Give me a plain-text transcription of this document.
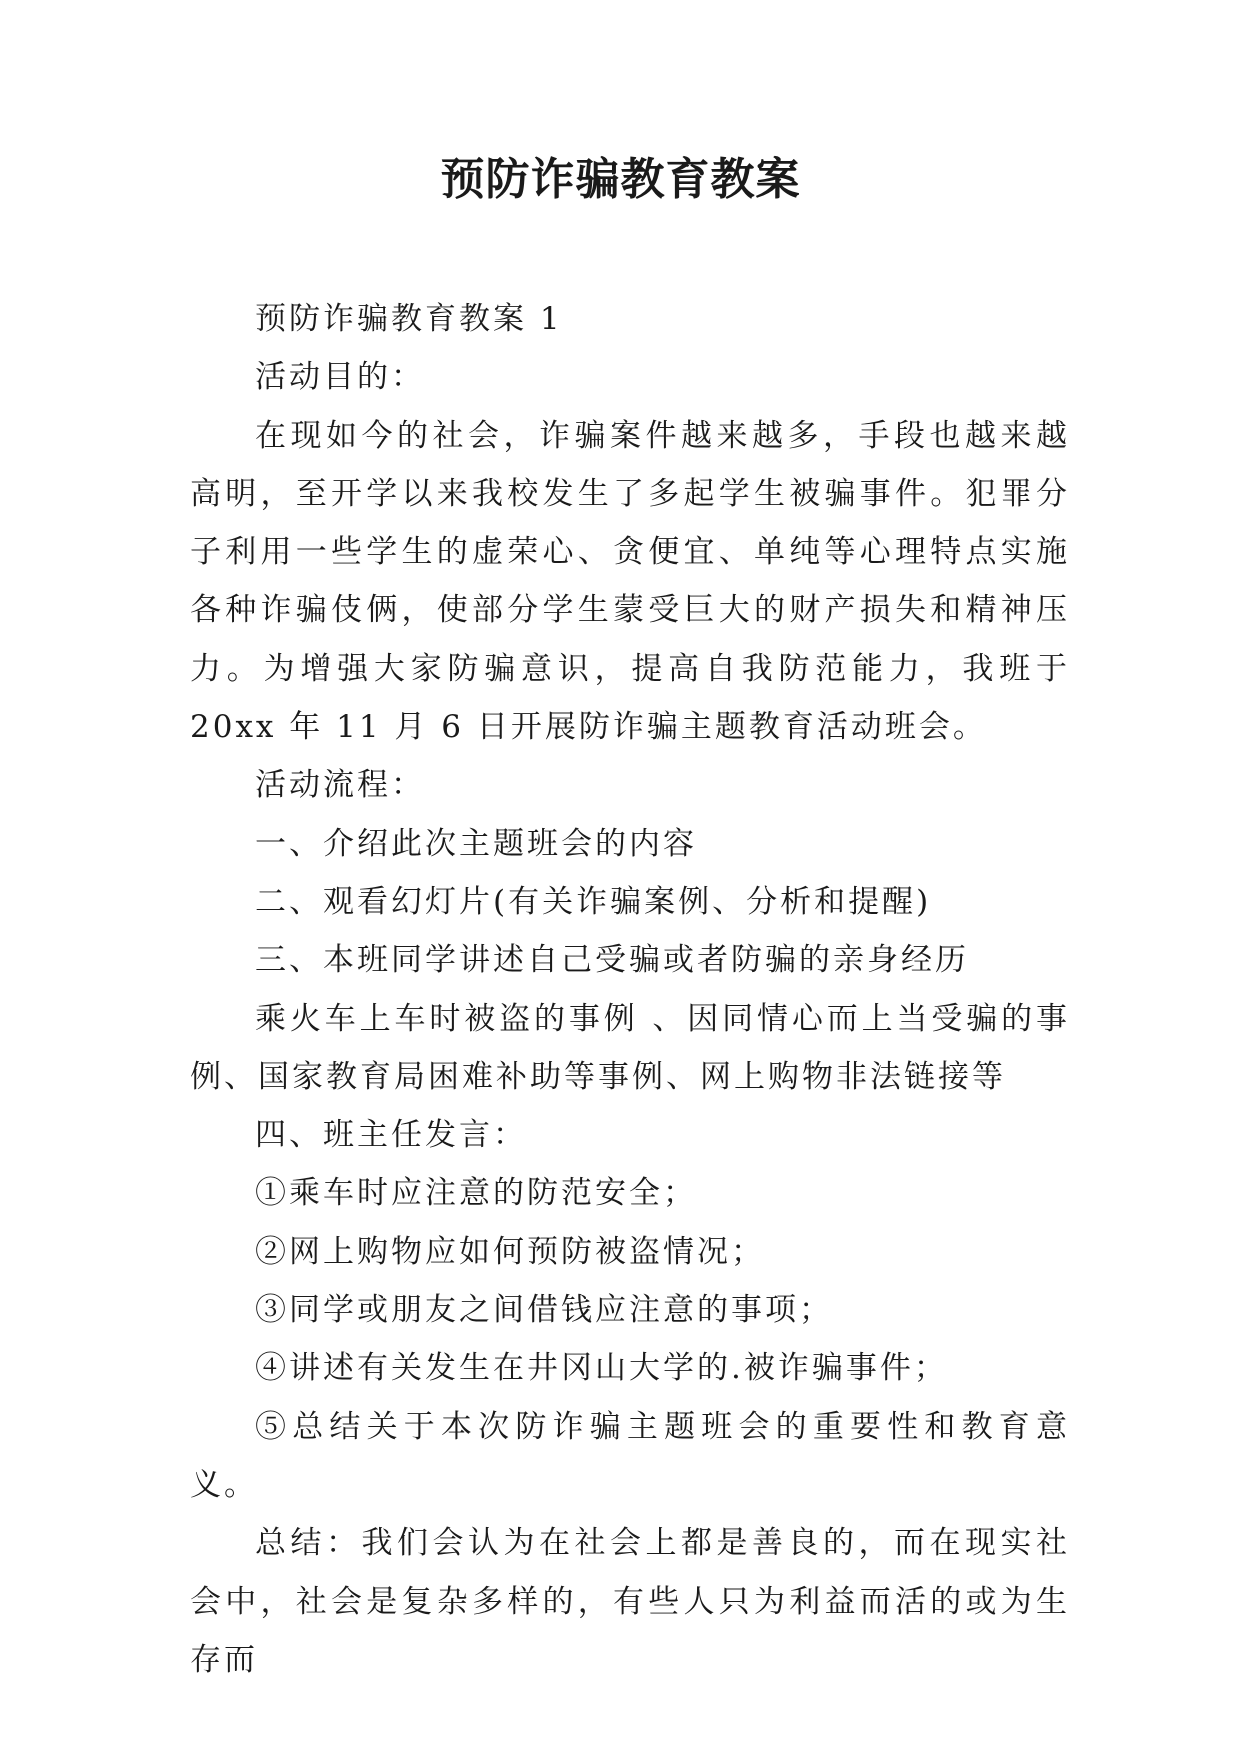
预防诈骗教育教案

预防诈骗教育教案 1

活动目的：

在现如今的社会，诈骗案件越来越多，手段也越来越高明，至开学以来我校发生了多起学生被骗事件。犯罪分子利用一些学生的虚荣心、贪便宜、单纯等心理特点实施各种诈骗伎俩，使部分学生蒙受巨大的财产损失和精神压力。为增强大家防骗意识，提高自我防范能力，我班于 20xx 年 11 月 6 日开展防诈骗主题教育活动班会。

活动流程：

一、介绍此次主题班会的内容

二、观看幻灯片(有关诈骗案例、分析和提醒)

三、本班同学讲述自己受骗或者防骗的亲身经历

乘火车上车时被盗的事例 、因同情心而上当受骗的事例、国家教育局困难补助等事例、网上购物非法链接等

四、班主任发言：

①乘车时应注意的防范安全；

②网上购物应如何预防被盗情况；

③同学或朋友之间借钱应注意的事项；

④讲述有关发生在井冈山大学的.被诈骗事件；

⑤总结关于本次防诈骗主题班会的重要性和教育意义。

总结：我们会认为在社会上都是善良的，而在现实社会中，社会是复杂多样的，有些人只为利益而活的或为生存而
